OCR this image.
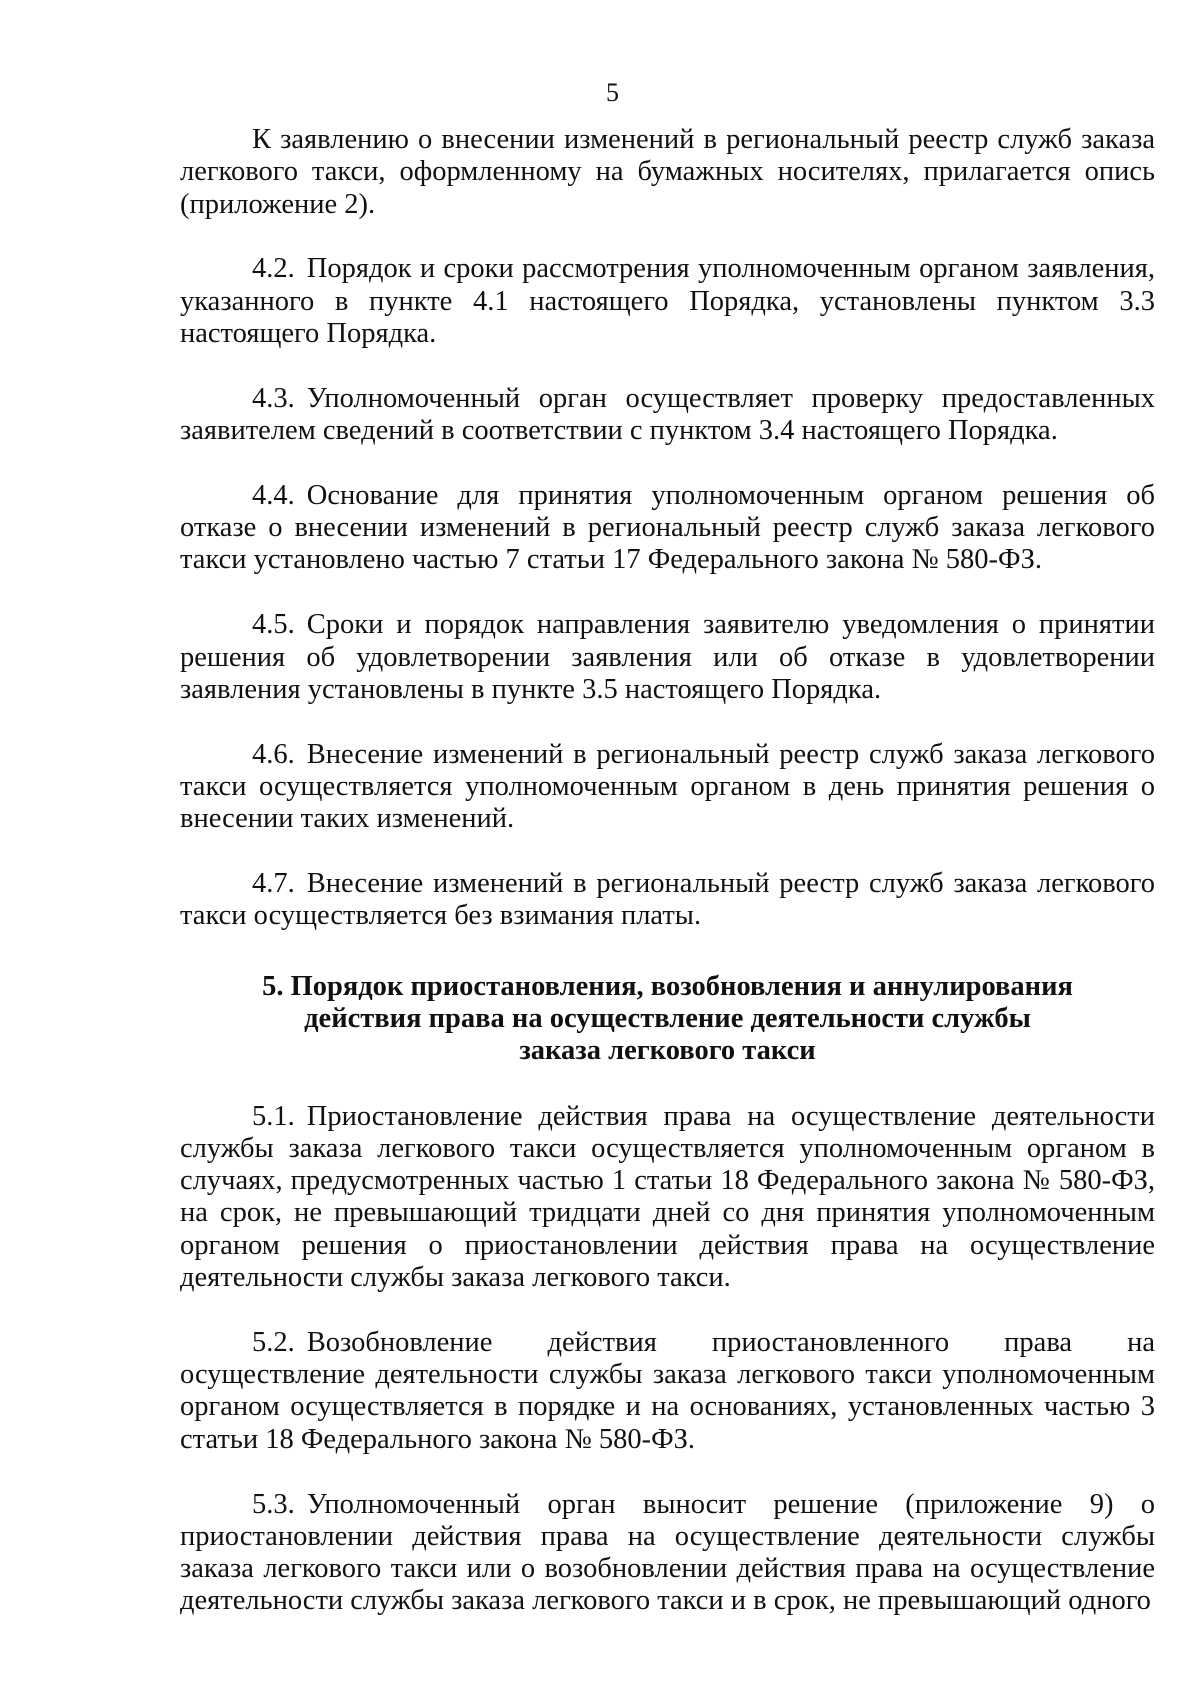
5

К заявлению о внесении изменений в региональный реестр служб заказа легкового такси, оформленному на бумажных носителях, прилагается опись (приложение 2).

4.2. Порядок и сроки рассмотрения уполномоченным органом заявления, указанного в пункте 4.1 настоящего Порядка, установлены пунктом 3.3 настоящего Порядка.

4.3. Уполномоченный орган осуществляет проверку предоставленных заявителем сведений в соответствии с пунктом 3.4 настоящего Порядка.

4.4. Основание для принятия уполномоченным органом решения об отказе о внесении изменений в региональный реестр служб заказа легкового такси установлено частью 7 статьи 17 Федерального закона № 580-ФЗ.

4.5. Сроки и порядок направления заявителю уведомления о принятии решения об удовлетворении заявления или об отказе в удовлетворении заявления установлены в пункте 3.5 настоящего Порядка.

4.6. Внесение изменений в региональный реестр служб заказа легкового такси осуществляется уполномоченным органом в день принятия решения о внесении таких изменений.

4.7. Внесение изменений в региональный реестр служб заказа легкового такси осуществляется без взимания платы.

5. Порядок приостановления, возобновления и аннулирования
действия права на осуществление деятельности службы
заказа легкового такси

5.1. Приостановление действия права на осуществление деятельности службы заказа легкового такси осуществляется уполномоченным органом в случаях, предусмотренных частью 1 статьи 18 Федерального закона № 580-ФЗ, на срок, не превышающий тридцати дней со дня принятия уполномоченным органом решения о приостановлении действия права на осуществление деятельности службы заказа легкового такси.

5.2. Возобновление действия приостановленного права на осуществление деятельности службы заказа легкового такси уполномоченным органом осуществляется в порядке и на основаниях, установленных частью 3 статьи 18 Федерального закона № 580-ФЗ.

5.3. Уполномоченный орган выносит решение (приложение 9) о приостановлении действия права на осуществление деятельности службы заказа легкового такси или о возобновлении действия права на осуществление деятельности службы заказа легкового такси и в срок, не превышающий одного
